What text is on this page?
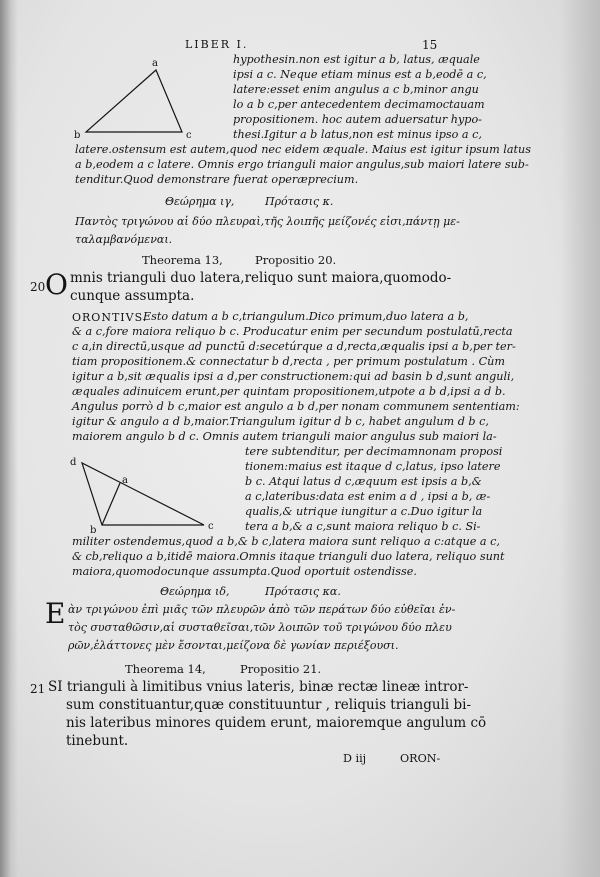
LIBER I.	15
a
b	c
hypothesin.non est igitur a b, latus, æquale
ipsi a c. Neque etiam minus est a b,eodē a c,
latere:esset enim angulus a c b,minor angu
lo a b c,per antecedentem decimamoctauam
propositionem. hoc autem aduersatur hypo-
thesi.Igitur a b latus,non est minus ipso a c,
latere.ostensum est autem,quod nec eidem æquale. Maius est igitur ipsum latus
a b,eodem a c latere. Omnis ergo trianguli maior angulus,sub maiori latere sub-
tenditur.Quod demonstrare fuerat operæprecium.
Θεώρημα ιγ,	Πρότασις κ.
Παντὸς τριγώνου αἱ δύο πλευραὶ,τῆς λοιπῆς μείζονές εἰσι,πάντῃ με-
ταλαμβανόμεναι.
Theorema 13,	Propositio 20.
20 O mnis trianguli duo latera,reliquo sunt maiora,quomodo-
cunque assumpta.
ORONTIVS.
Esto datum a b c,triangulum.Dico primum,duo latera a b,
& a c,fore maiora reliquo b c. Producatur enim per secundum postulatū,recta
c a,in directū,usque ad punctū d:secetúrque a d,recta,æqualis ipsi a b,per ter-
tiam propositionem.& connectatur b d,recta , per primum postulatum . Cùm
igitur a b,sit æqualis ipsi a d,per constructionem:qui ad basin b d,sunt anguli,
æquales adinuicem erunt,per quintam propositionem,utpote a b d,ipsi a d b.
Angulus porrò d b c,maior est angulo a b d,per nonam communem sententiam:
igitur & angulo a d b,maior.Triangulum igitur d b c, habet angulum d b c,
maiorem angulo b d c. Omnis autem trianguli maior angulus sub maiori la-
d
a
b	c
tere subtenditur, per decimamnonam proposi
tionem:maius est itaque d c,latus, ipso latere
b c. Atqui latus d c,æquum est ipsis a b,&
a c,lateribus:data est enim a d , ipsi a b, æ-
qualis,& utrique iungitur a c.Duo igitur la
tera a b,& a c,sunt maiora reliquo b c. Si-
militer ostendemus,quod a b,& b c,latera maiora sunt reliquo a c:atque a c,
& cb,reliquo a b,itidē maiora.Omnis itaque trianguli duo latera, reliquo sunt
maiora,quomodocunque assumpta.Quod oportuit ostendisse.
Θεώρημα ιδ,	Πρότασις κα.
E ὰν τριγώνου ἐπὶ μιᾶς τῶν πλευρῶν ἀπὸ τῶν περάτων δύο εὐθεῖαι ἐν-
τὸς συσταθῶσιν,αἱ συσταθεῖσαι,τῶν λοιπῶν τοῦ τριγώνου δύο πλευ
ρῶν,ἐλάττονες μὲν ἔσονται,μείζονα δὲ γωνίαν περιέξουσι.
Theorema 14,	Propositio 21.
21 SI trianguli à limitibus vnius lateris, binæ rectæ lineæ intror-
sum constituantur,quæ constituuntur , reliquis trianguli bi-
nis lateribus minores quidem erunt, maioremque angulum cō
tinebunt.
D iij	ORON-
